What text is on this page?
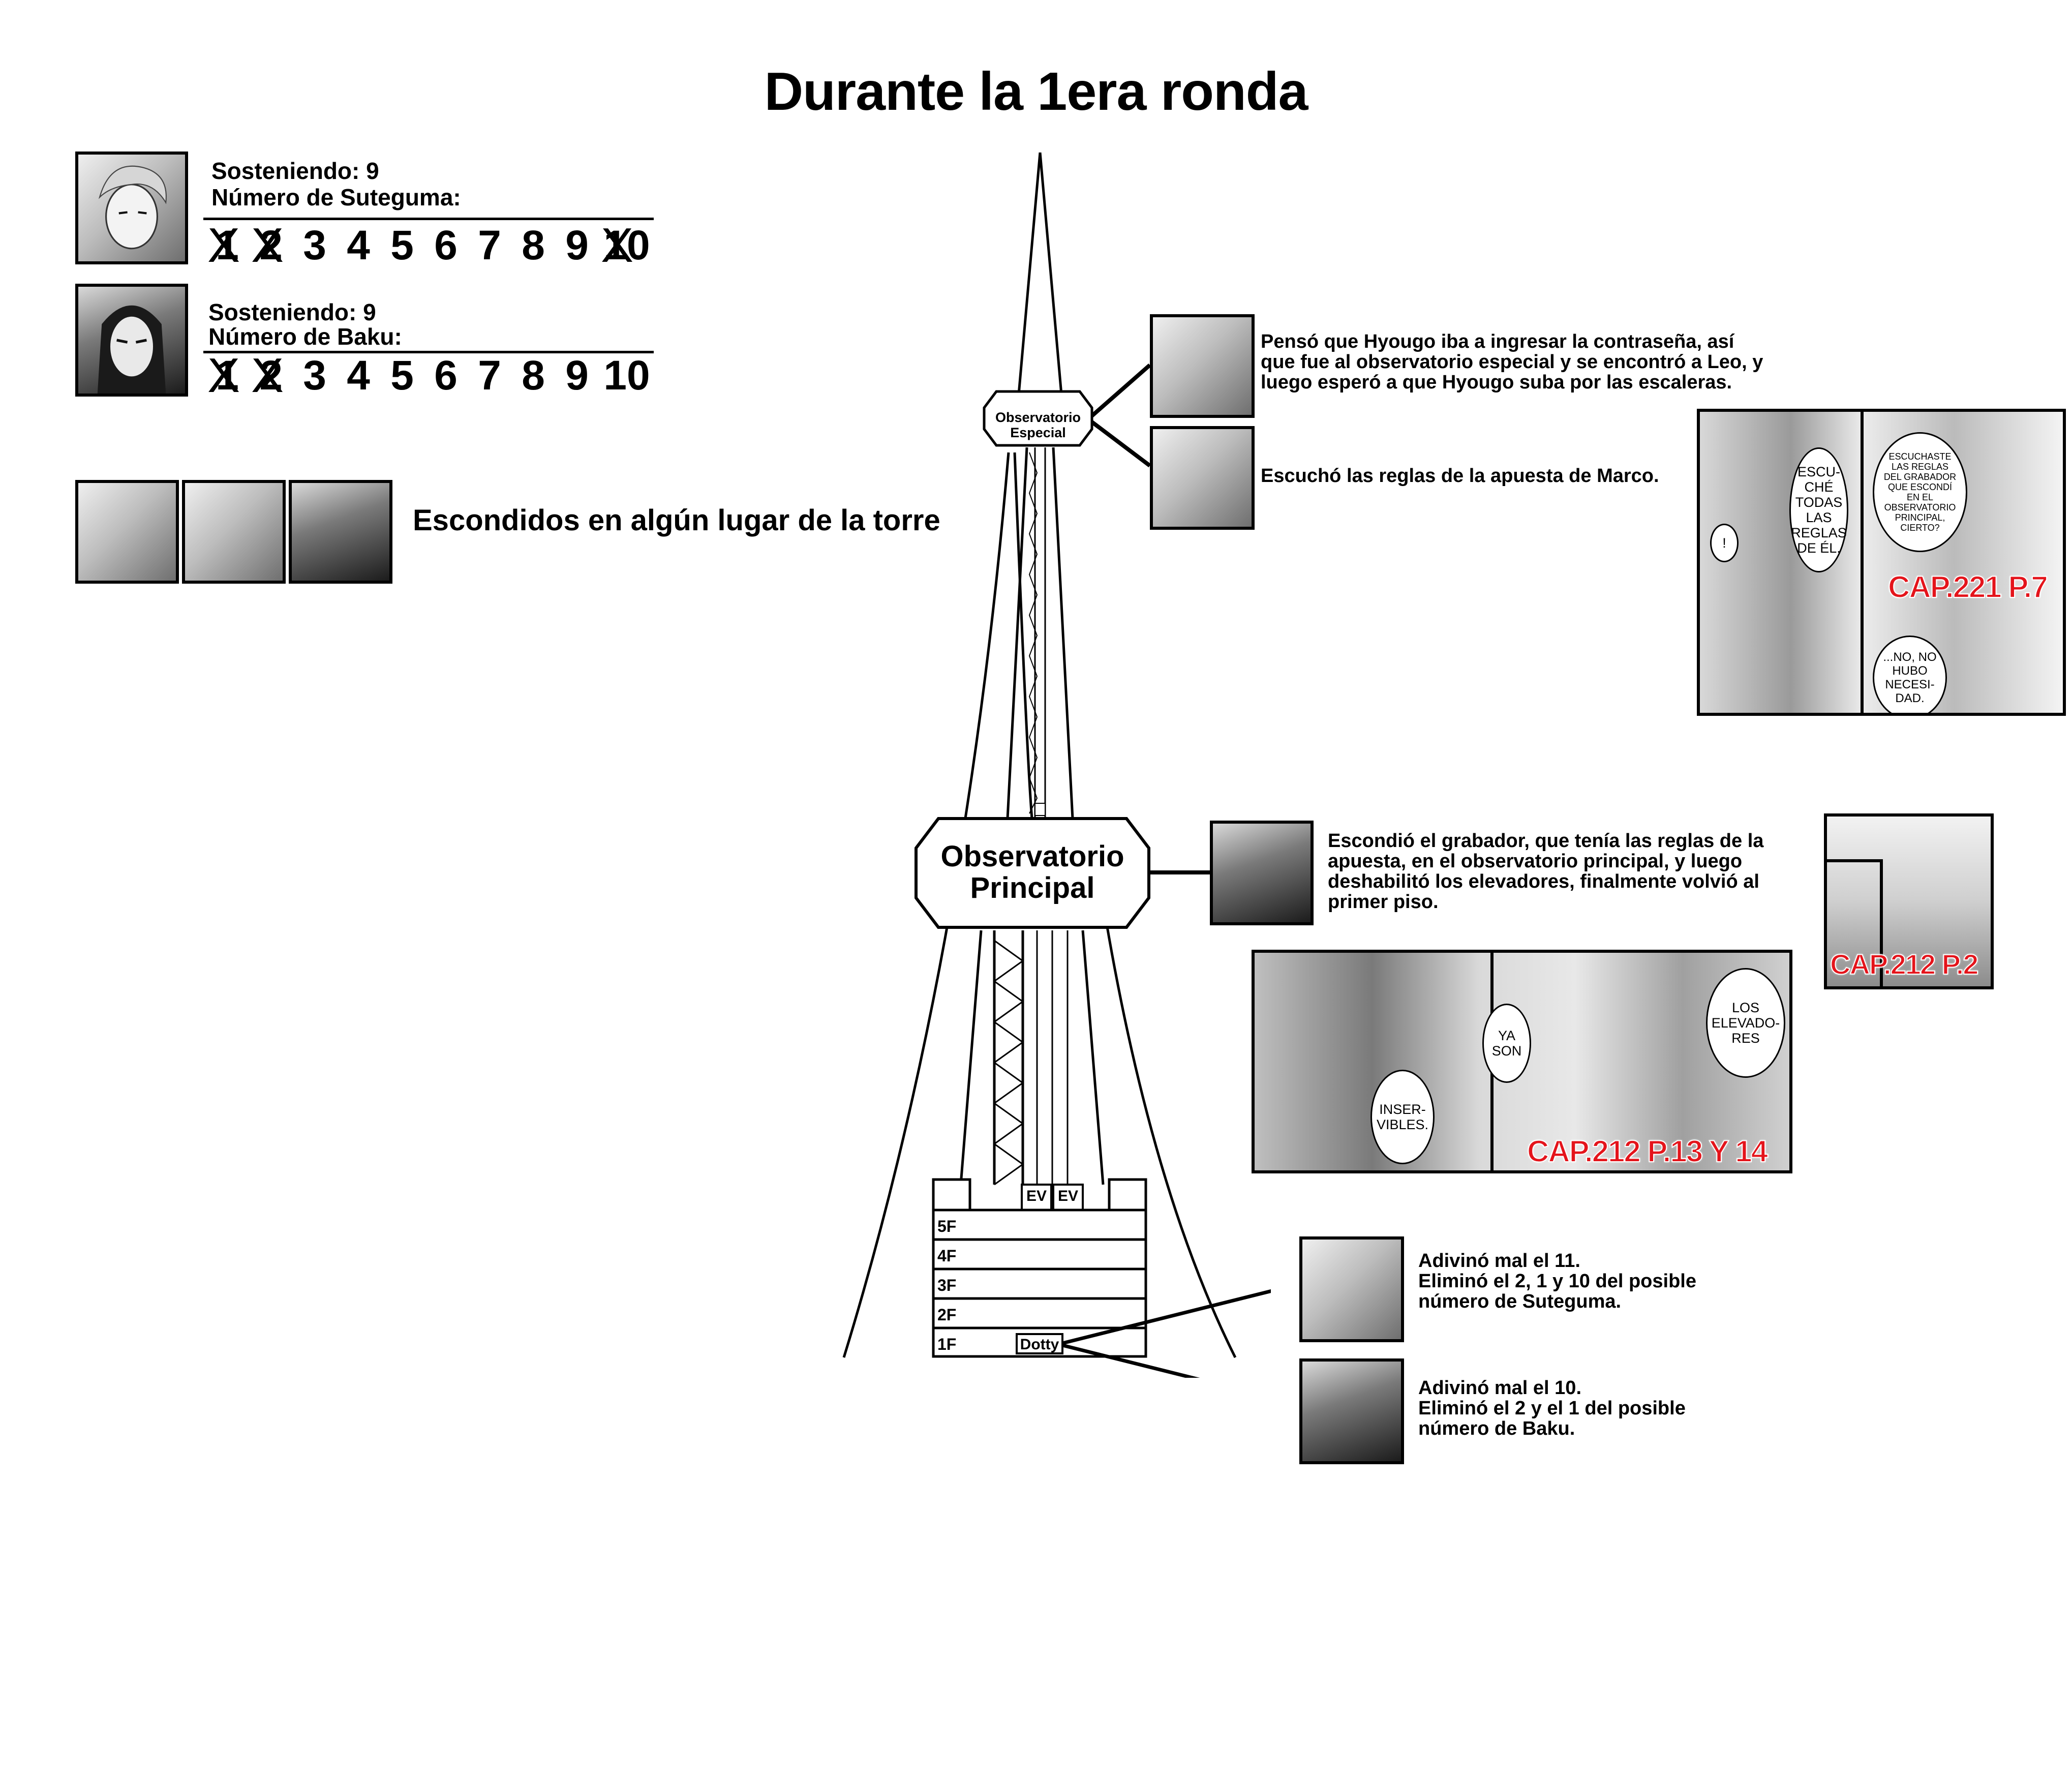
Durante la 1era ronda
Sosteniendo: 9
Número de Suteguma:
1 X 2 X 3 4 5 6 7 8 9 10 X
Sosteniendo: 9
Número de Baku:
1 X 2 X 3 4 5 6 7 8 9 10
Escondidos en algún lugar de la torre
Observatorio
Especial
Observatorio
Principal
EV EV
5F
4F
3F
2F
1F	Dotty
Pensó que Hyougo iba a ingresar la contraseña, así que fue al observatorio especial y se encontró a Leo, y luego esperó a que Hyougo suba por las escaleras.
Escuchó las reglas de la apuesta de Marco.
Escondió el grabador, que tenía las reglas de la apuesta, en el observatorio principal, y luego deshabilitó los elevadores, finalmente volvió al primer piso.
Adivinó mal el 11.
Eliminó el 2, 1 y 10 del posible número de Suteguma.
Adivinó mal el 10.
Eliminó el 2 y el 1 del posible número de Baku.
!
ESCU-
CHÉ
TODAS
LAS
REGLAS
DE ÉL.
ESCUCHASTE
LAS REGLAS
DEL GRABADOR
QUE ESCONDÍ
EN EL
OBSERVATORIO
PRINCIPAL,
CIERTO?
...NO, NO
HUBO
NECESI-
DAD.
CAP.221 P.7
CAP.212 P.2
YA
SON
INSER-
VIBLES.
LOS
ELEVADO-
RES
CAP.212 P.13 Y 14
